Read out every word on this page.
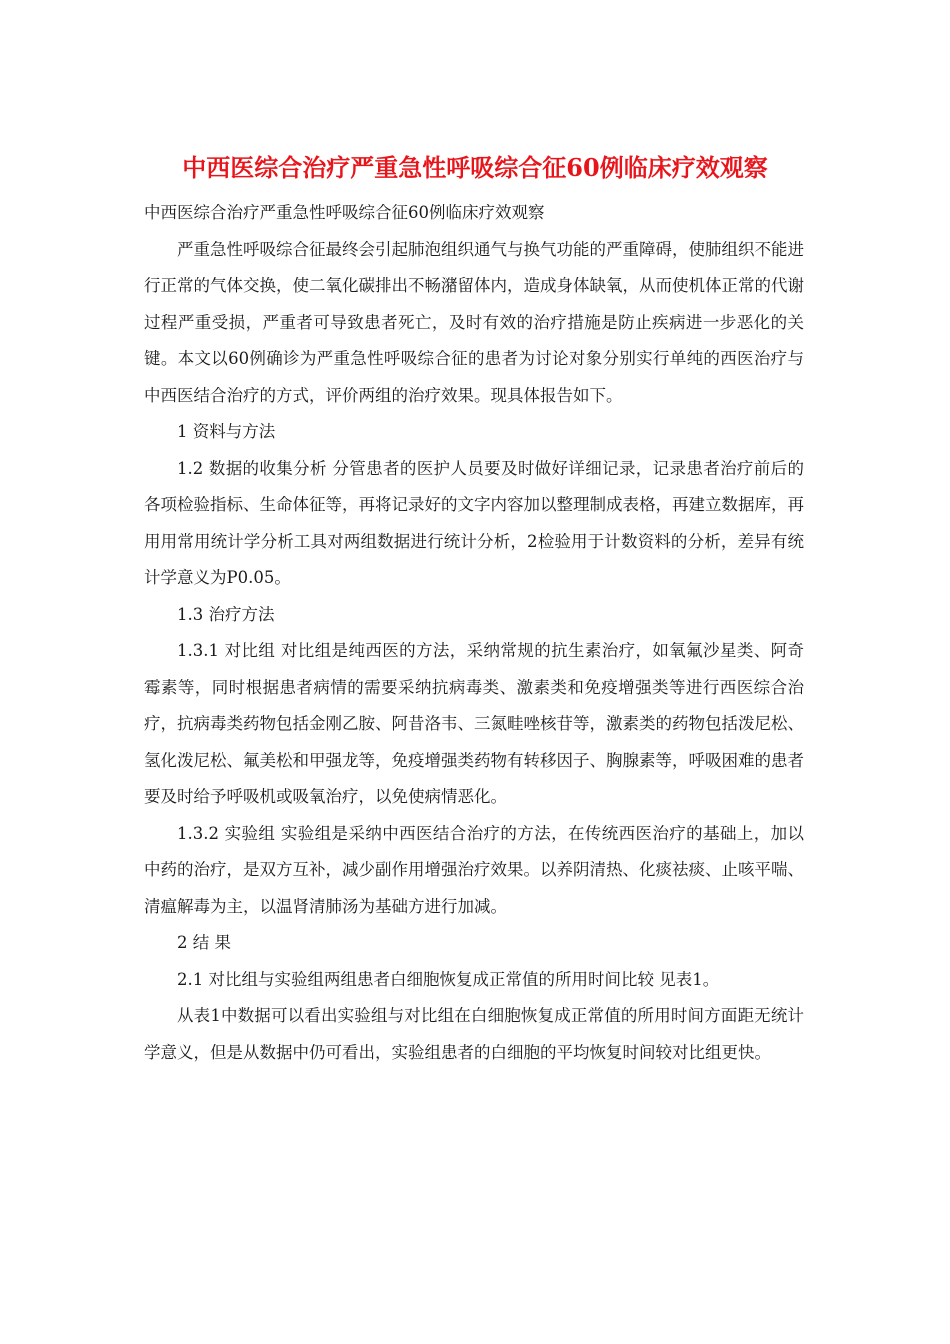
中西医综合治疗严重急性呼吸综合征60例临床疗效观察

中西医综合治疗严重急性呼吸综合征60例临床疗效观察

严重急性呼吸综合征最终会引起肺泡组织通气与换气功能的严重障碍，使肺组织不能进行正常的气体交换，使二氧化碳排出不畅潴留体内，造成身体缺氧，从而使机体正常的代谢过程严重受损，严重者可导致患者死亡，及时有效的治疗措施是防止疾病进一步恶化的关键。本文以60例确诊为严重急性呼吸综合征的患者为讨论对象分别实行单纯的西医治疗与中西医结合治疗的方式，评价两组的治疗效果。现具体报告如下。

1 资料与方法

1.2 数据的收集分析 分管患者的医护人员要及时做好详细记录，记录患者治疗前后的各项检验指标、生命体征等，再将记录好的文字内容加以整理制成表格，再建立数据库，再用用常用统计学分析工具对两组数据进行统计分析，2检验用于计数资料的分析，差异有统计学意义为P0.05。

1.3 治疗方法

1.3.1 对比组 对比组是纯西医的方法，采纳常规的抗生素治疗，如氧氟沙星类、阿奇霉素等，同时根据患者病情的需要采纳抗病毒类、激素类和免疫增强类等进行西医综合治疗，抗病毒类药物包括金刚乙胺、阿昔洛韦、三氮畦唑核苷等，激素类的药物包括泼尼松、氢化泼尼松、氟美松和甲强龙等，免疫增强类药物有转移因子、胸腺素等，呼吸困难的患者要及时给予呼吸机或吸氧治疗，以免使病情恶化。

1.3.2 实验组 实验组是采纳中西医结合治疗的方法，在传统西医治疗的基础上，加以中药的治疗，是双方互补，减少副作用增强治疗效果。以养阴清热、化痰祛痰、止咳平喘、清瘟解毒为主，以温肾清肺汤为基础方进行加减。

2 结 果

2.1 对比组与实验组两组患者白细胞恢复成正常值的所用时间比较 见表1。

从表1中数据可以看出实验组与对比组在白细胞恢复成正常值的所用时间方面距无统计学意义，但是从数据中仍可看出，实验组患者的白细胞的平均恢复时间较对比组更快。
